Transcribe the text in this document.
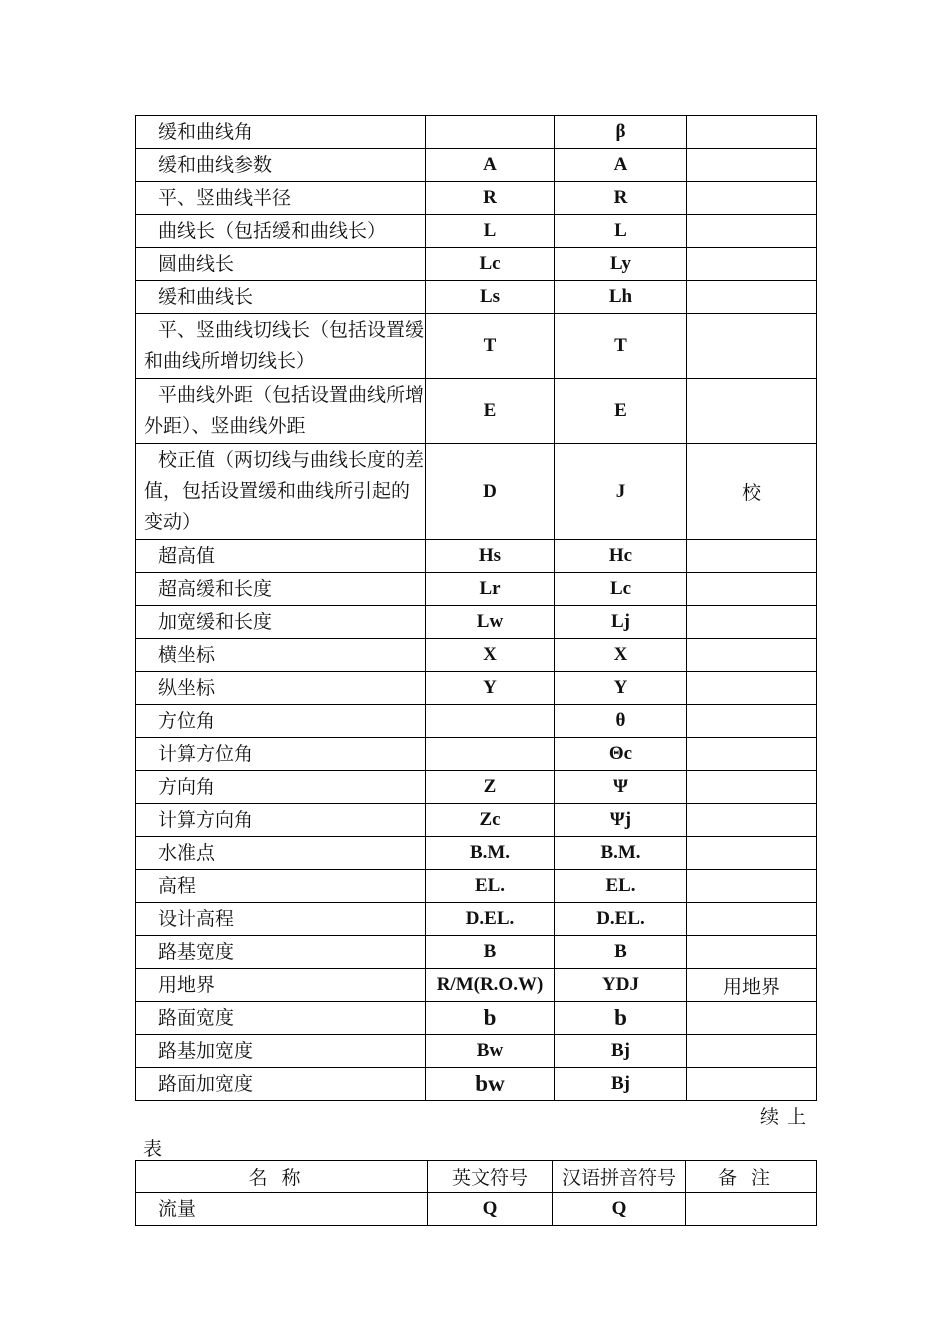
缓和曲线角		β	
缓和曲线参数	A	A	
平、竖曲线半径	R	R	
曲线长（包括缓和曲线长）	L	L	
圆曲线长	Lc	Ly	
缓和曲线长	Ls	Lh	

平、竖曲线切线长（包括设置缓
和曲线所增切线长）	T	T	

平曲线外距（包括设置曲线所增
外距）、竖曲线外距	E	E	

校正值（两切线与曲线长度的差
值，包括设置缓和曲线所引起的
变动）	D	J	校
超高值	Hs	Hc	
超高缓和长度	Lr	Lc	
加宽缓和长度	Lw	Lj	
横坐标	X	X	
纵坐标	Y	Y	
方位角		θ	
计算方位角		Θc	
方向角	Z	Ψ	
计算方向角	Zc	Ψj	
水准点	B.M.	B.M.	
高程	EL.	EL.	
设计高程	D.EL.	D.EL.	
路基宽度	B	B	
用地界	R/M(R.O.W)	YDJ	用地界
路面宽度	b	b	
路基加宽度	Bw	Bj	
路面加宽度	bw	Bj	
续上
表
名称	英文符号	汉语拼音符号	备注
流量	Q	Q	
